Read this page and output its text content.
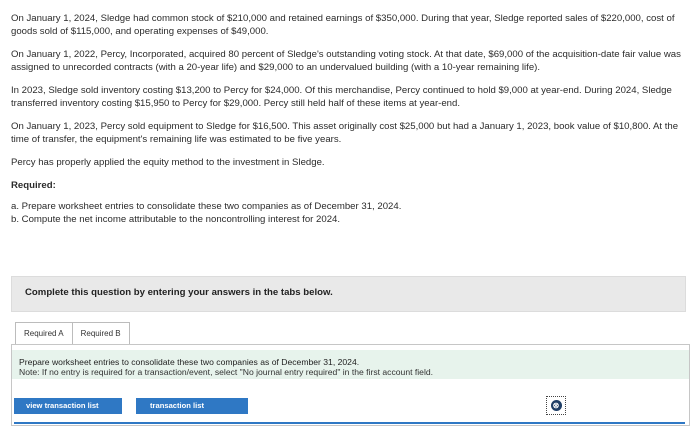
On January 1, 2024, Sledge had common stock of $210,000 and retained earnings of $350,000. During that year, Sledge reported sales of $220,000, cost of goods sold of $115,000, and operating expenses of $49,000.

On January 1, 2022, Percy, Incorporated, acquired 80 percent of Sledge's outstanding voting stock. At that date, $69,000 of the acquisition-date fair value was assigned to unrecorded contracts (with a 20-year life) and $29,000 to an undervalued building (with a 10-year remaining life).

In 2023, Sledge sold inventory costing $13,200 to Percy for $24,000. Of this merchandise, Percy continued to hold $9,000 at year-end. During 2024, Sledge transferred inventory costing $15,950 to Percy for $29,000. Percy still held half of these items at year-end.

On January 1, 2023, Percy sold equipment to Sledge for $16,500. This asset originally cost $25,000 but had a January 1, 2023, book value of $10,800. At the time of transfer, the equipment's remaining life was estimated to be five years.

Percy has properly applied the equity method to the investment in Sledge.

Required:

a. Prepare worksheet entries to consolidate these two companies as of December 31, 2024.
b. Compute the net income attributable to the noncontrolling interest for 2024.
Complete this question by entering your answers in the tabs below.
Required A	Required B
Prepare worksheet entries to consolidate these two companies as of December 31, 2024.
Note: If no entry is required for a transaction/event, select "No journal entry required" in the first account field.
view transaction list	transaction list	⊗
